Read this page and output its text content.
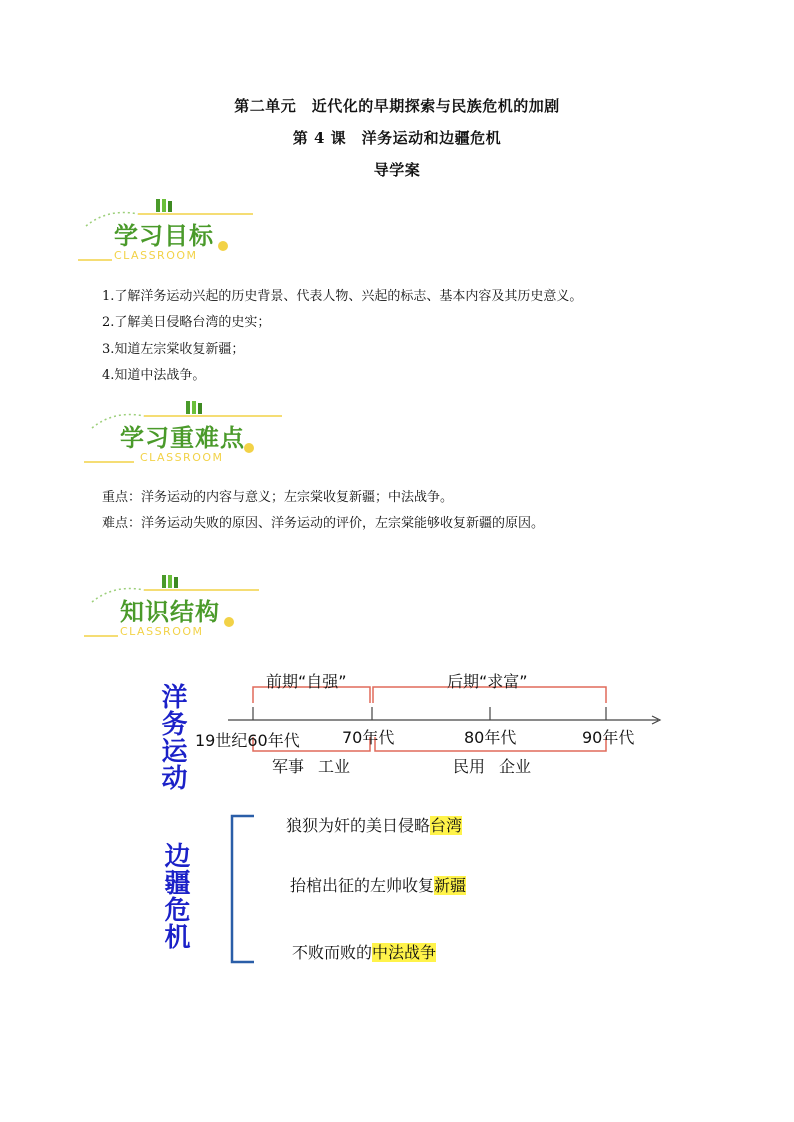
第二单元　近代化的早期探索与民族危机的加剧
第 4 课　洋务运动和边疆危机
导学案
学习目标
CLASSROOM
1.了解洋务运动兴起的历史背景、代表人物、兴起的标志、基本内容及其历史意义。
2.了解美日侵略台湾的史实；
3.知道左宗棠收复新疆；
4.知道中法战争。
学习重难点
CLASSROOM
重点：洋务运动的内容与意义；左宗棠收复新疆；中法战争。
难点：洋务运动失败的原因、洋务运动的评价，左宗棠能够收复新疆的原因。
知识结构
CLASSROOM
洋务运动
前期“自强”	后期“求富”
19世纪60年代	70年代	80年代	90年代
军事 工业	民用 企业
边疆危机
狼狈为奸的美日侵略台湾
抬棺出征的左帅收复新疆
不败而败的中法战争
